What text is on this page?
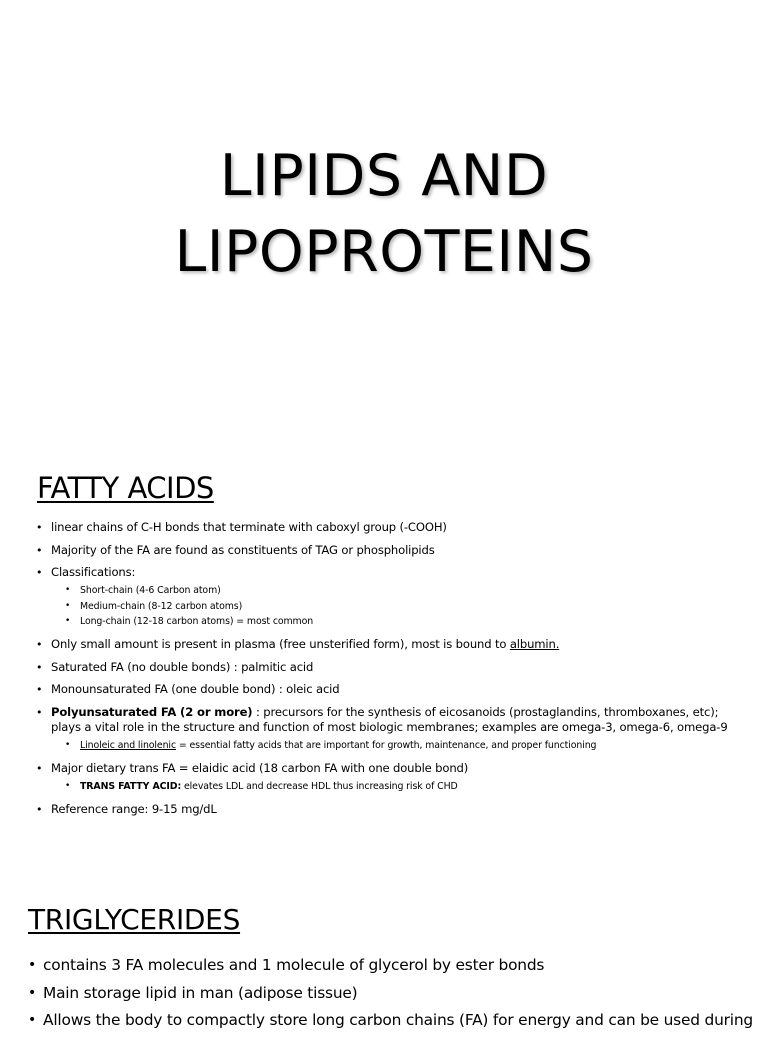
LIPIDS AND
LIPOPROTEINS
FATTY ACIDS
• linear chains of C-H bonds that terminate with caboxyl group (-COOH)
• Majority of the FA are found as constituents of TAG or phospholipids
• Classifications:
• Short-chain (4-6 Carbon atom)
• Medium-chain (8-12 carbon atoms)
• Long-chain (12-18 carbon atoms) = most common
• Only small amount is present in plasma (free unsterified form), most is bound to albumin.
• Saturated FA (no double bonds) : palmitic acid
• Monounsaturated FA (one double bond) : oleic acid
• Polyunsaturated FA (2 or more) : precursors for the synthesis of eicosanoids (prostaglandins, thromboxanes, etc); plays a vital role in the structure and function of most biologic membranes; examples are omega-3, omega-6, omega-9
• Linoleic and linolenic = essential fatty acids that are important for growth, maintenance, and proper functioning
• Major dietary trans FA = elaidic acid (18 carbon FA with one double bond)
• TRANS FATTY ACID: elevates LDL and decrease HDL thus increasing risk of CHD
• Reference range: 9-15 mg/dL
TRIGLYCERIDES
• contains 3 FA molecules and 1 molecule of glycerol by ester bonds
• Main storage lipid in man (adipose tissue)
• Allows the body to compactly store long carbon chains (FA) for energy and can be used during
